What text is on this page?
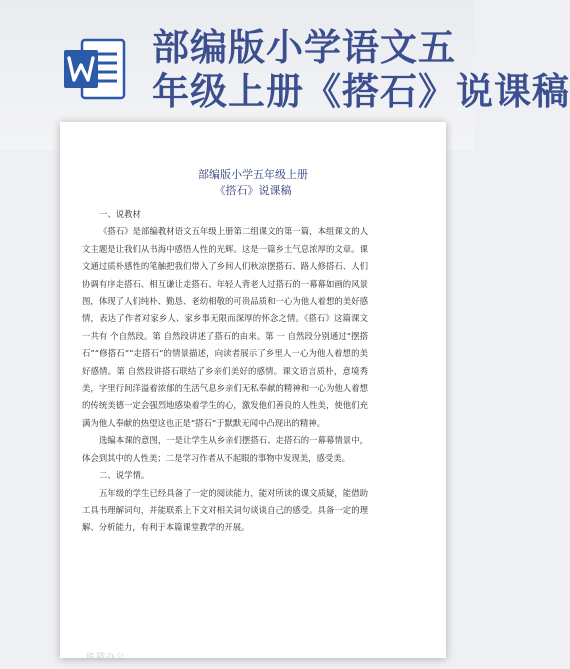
部编版小学语文五
年级上册《搭石》说课稿
部编版小学五年级上册
《搭石》说课稿

一、说教材

《搭石》是部编教材语文五年级上册第二组课文的第一篇，本组课文的人文主题是让我们从书海中感悟人性的光辉。这是一篇乡土气息浓厚的文章。课文通过质朴感性的笔触把我们带入了乡间人们秋凉摆搭石、路人修搭石、人们协调有序走搭石、相互谦让走搭石、年轻人背老人过搭石的一幕幕如画的风景图，体现了人们纯朴、勤恳、老幼相敬的可贵品质和一心为他人着想的美好感情，表达了作者对家乡人、家乡事无限而深厚的怀念之情。《搭石》这篇课文一共有 个自然段。第 自然段讲述了搭石的由来。第 一 自然段分别通过“摆搭石”“修搭石”“走搭石”的情景描述，向读者展示了乡里人一心为他人着想的美好感情。第 自然段讲搭石联结了乡亲们美好的感情。课文语言质朴，意境秀美，字里行间洋溢着浓郁的生活气息乡亲们无私奉献的精神和一心为他人着想的传统美德一定会强烈地感染着学生的心，激发他们善良的人性美，使他们充满为他人奉献的热望这也正是“搭石”于默默无闻中凸现出的精神。

选编本课的意图，一是让学生从乡亲们摆搭石、走搭石的一幕幕情景中，体会到其中的人性美；二是学习作者从不起眼的事物中发现美，感受美。

二、说学情。

五年级的学生已经具备了一定的阅读能力，能对所读的课文质疑，能借助工具书理解词句，并能联系上下文对相关词句谈谈自己的感受。具备一定的理解、分析能力，有利于本篇课堂教学的开展。

熊猫办公
